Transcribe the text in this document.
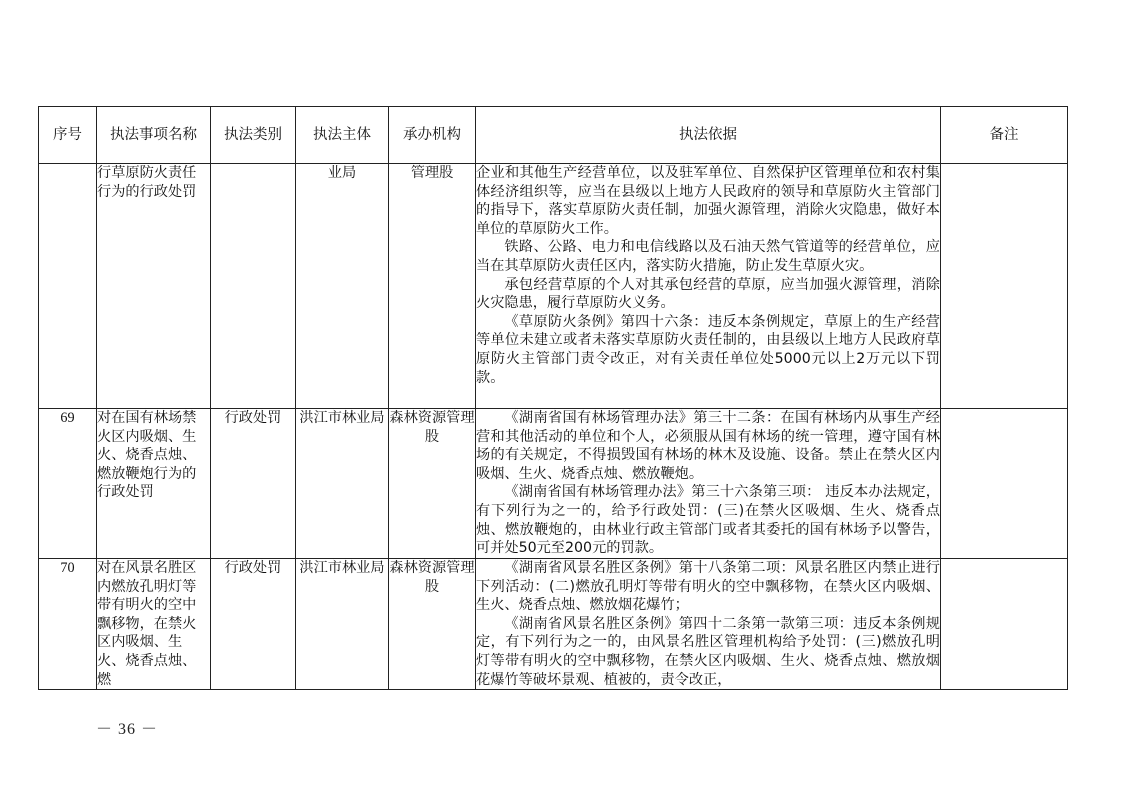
序号	执法事项名称	执法类别	执法主体	承办机构	执法依据	备注
	行草原防火责任行为的行政处罚		业局	管理股	企业和其他生产经营单位，以及驻军单位、自然保护区管理单位和农村集体经济组织等，应当在县级以上地方人民政府的领导和草原防火主管部门的指导下，落实草原防火责任制，加强火源管理，消除火灾隐患，做好本单位的草原防火工作。

铁路、公路、电力和电信线路以及石油天然气管道等的经营单位，应当在其草原防火责任区内，落实防火措施，防止发生草原火灾。

承包经营草原的个人对其承包经营的草原，应当加强火源管理，消除火灾隐患，履行草原防火义务。

《草原防火条例》第四十六条：违反本条例规定，草原上的生产经营等单位未建立或者未落实草原防火责任制的，由县级以上地方人民政府草原防火主管部门责令改正，对有关责任单位处5000元以上2万元以下罚款。	

69	对在国有林场禁火区内吸烟、生火、烧香点烛、燃放鞭炮行为的行政处罚	行政处罚	洪江市林业局	森林资源管理股	《湖南省国有林场管理办法》第三十二条：在国有林场内从事生产经营和其他活动的单位和个人，必须服从国有林场的统一管理，遵守国有林场的有关规定，不得损毁国有林场的林木及设施、设备。禁止在禁火区内吸烟、生火、烧香点烛、燃放鞭炮。

《湖南省国有林场管理办法》第三十六条第三项： 违反本办法规定，有下列行为之一的，给予行政处罚：(三)在禁火区吸烟、生火、烧香点烛、燃放鞭炮的，由林业行政主管部门或者其委托的国有林场予以警告，可并处50元至200元的罚款。	

70	对在风景名胜区内燃放孔明灯等带有明火的空中飘移物，在禁火区内吸烟、生火、烧香点烛、燃	行政处罚	洪江市林业局	森林资源管理股	《湖南省风景名胜区条例》第十八条第二项：风景名胜区内禁止进行下列活动：(二)燃放孔明灯等带有明火的空中飘移物，在禁火区内吸烟、生火、烧香点烛、燃放烟花爆竹；

《湖南省风景名胜区条例》第四十二条第一款第三项：违反本条例规定，有下列行为之一的，由风景名胜区管理机构给予处罚：(三)燃放孔明灯等带有明火的空中飘移物，在禁火区内吸烟、生火、烧香点烛、燃放烟花爆竹等破坏景观、植被的，责令改正，	

－ 36 －
